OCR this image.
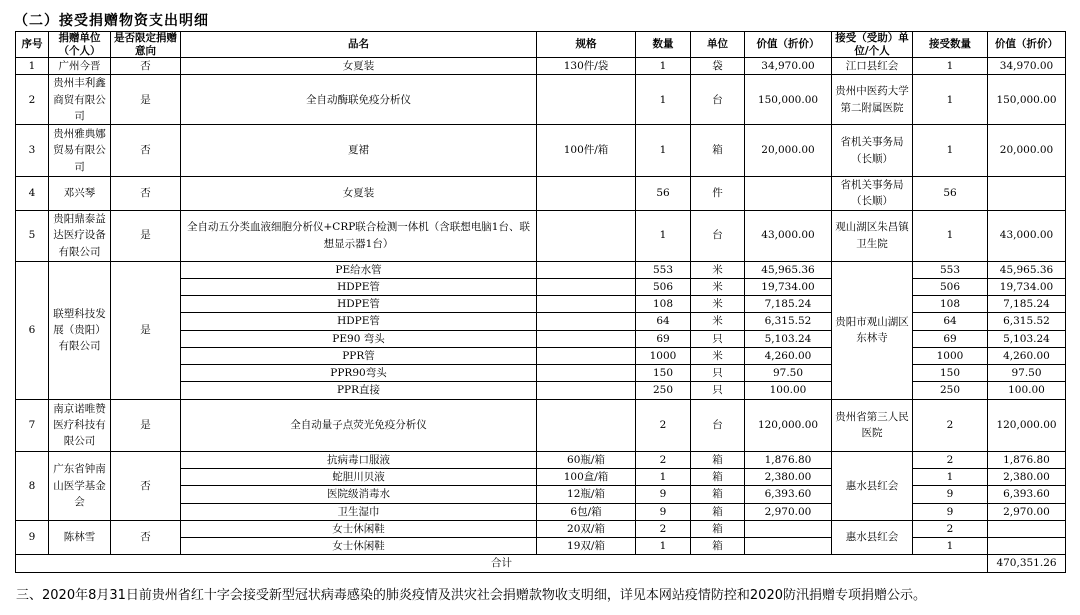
（二）接受捐赠物资支出明细
序号	捐赠单位（个人）	是否限定捐赠意向	品名	规格	数量	单位	价值（折价）	接受（受助）单位/个人	接受数量	价值（折价）
1	广州今晋	否	女夏装	130件/袋	1	袋	34,970.00	江口县红会	1	34,970.00
2	贵州丰利鑫商贸有限公司	是	全自动酶联免疫分析仪		1	台	150,000.00	贵州中医药大学第二附属医院	1	150,000.00
3	贵州雅典娜贸易有限公司	否	夏裙	100件/箱	1	箱	20,000.00	省机关事务局（长顺）	1	20,000.00
4	邓兴琴	否	女夏装		56	件		省机关事务局（长顺）	56	
5	贵阳鼎泰益达医疗设备有限公司	是	全自动五分类血液细胞分析仪+CRP联合检测一体机（含联想电脑1台、联想显示器1台）		1	台	43,000.00	观山湖区朱昌镇卫生院	1	43,000.00
6	联塑科技发展（贵阳）有限公司	是	PE给水管		553	米	45,965.36	贵阳市观山湖区东林寺	553	45,965.36
			HDPE管		506	米	19,734.00		506	19,734.00
			HDPE管		108	米	7,185.24		108	7,185.24
			HDPE管		64	米	6,315.52		64	6,315.52
			PE90 弯头		69	只	5,103.24		69	5,103.24
			PPR管		1000	米	4,260.00		1000	4,260.00
			PPR90弯头		150	只	97.50		150	97.50
			PPR直接		250	只	100.00		250	100.00
7	南京诺唯赞医疗科技有限公司	是	全自动量子点荧光免疫分析仪		2	台	120,000.00	贵州省第三人民医院	2	120,000.00
8	广东省钟南山医学基金会	否	抗病毒口服液	60瓶/箱	2	箱	1,876.80	惠水县红会	2	1,876.80
			蛇胆川贝液	100盒/箱	1	箱	2,380.00		1	2,380.00
			医院级消毒水	12瓶/箱	9	箱	6,393.60		9	6,393.60
			卫生湿巾	6包/箱	9	箱	2,970.00		9	2,970.00
9	陈林雪	否	女士休闲鞋	20双/箱	2	箱		惠水县红会	2	
			女士休闲鞋	19双/箱	1	箱			1	
合计										470,351.26
三、2020年8月31日前贵州省红十字会接受新型冠状病毒感染的肺炎疫情及洪灾社会捐赠款物收支明细，详见本网站疫情防控和2020防汛捐赠专项捐赠公示。
